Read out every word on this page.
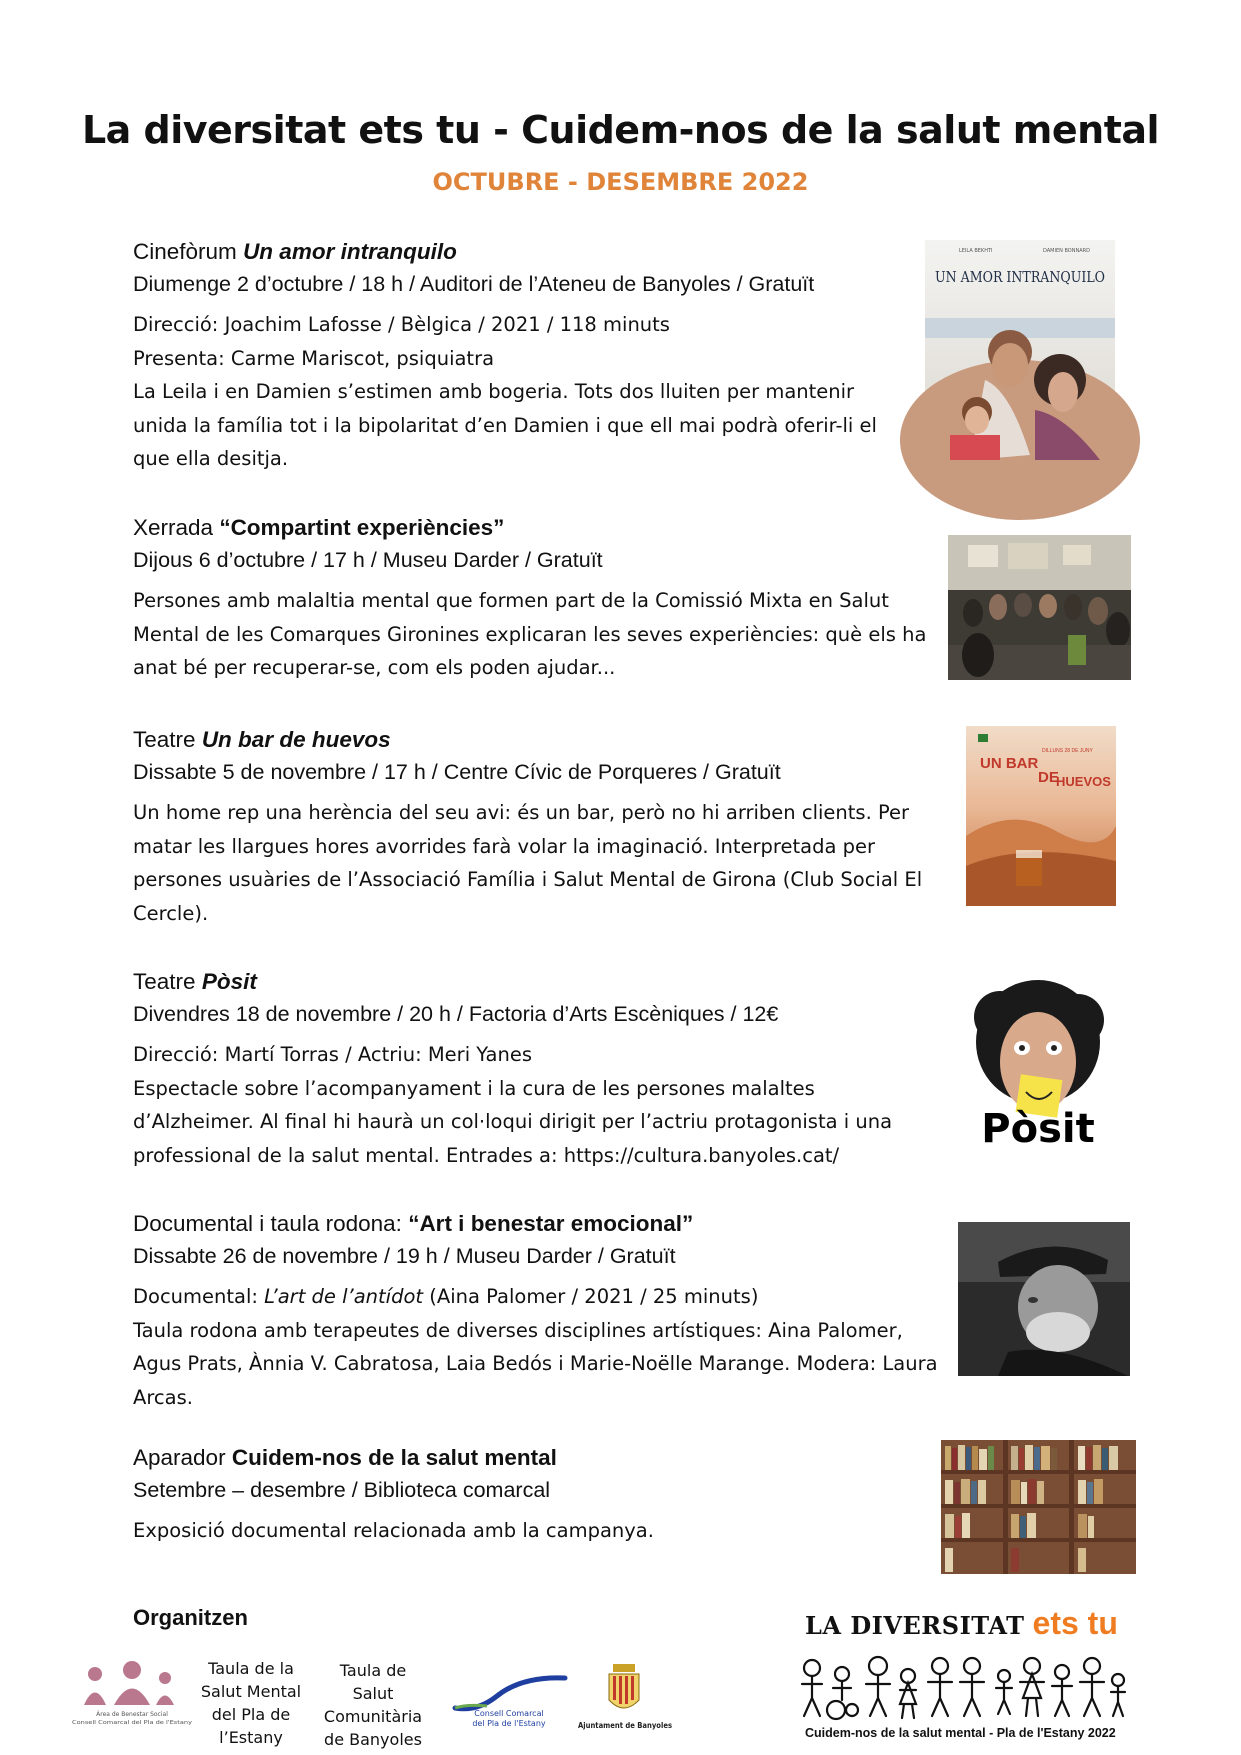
La diversitat ets tu - Cuidem-nos de la salut mental
OCTUBRE - DESEMBRE 2022
Cinefòrum Un amor intranquilo
Diumenge 2 d’octubre / 18 h / Auditori de l’Ateneu de Banyoles / Gratuït

Direcció: Joachim Lafosse / Bèlgica / 2021 / 118 minuts

Presenta: Carme Mariscot, psiquiatra

La Leila i en Damien s’estimen amb bogeria. Tots dos lluiten per mantenir unida la família tot i la bipolaritat d’en Damien i que ell mai podrà oferir-li el que ella desitja.

LEILA BEKHTI	DAMIEN BONNARD
UN AMOR INTRANQUILO
Xerrada “Compartint experiències”
Dijous 6 d’octubre / 17 h / Museu Darder / Gratuït

Persones amb malaltia mental que formen part de la Comissió Mixta en Salut Mental de les Comarques Gironines explicaran les seves experiències: què els ha anat bé per recuperar-se, com els poden ajudar...

Teatre Un bar de huevos
Dissabte 5 de novembre / 17 h / Centre Cívic de Porqueres / Gratuït

Un home rep una herència del seu avi: és un bar, però no hi arriben clients. Per matar les llargues hores avorrides farà volar la imaginació. Interpretada per persones usuàries de l’Associació Família i Salut Mental de Girona (Club Social El Cercle).

UN BAR
DILLUNS 28 DE JUNY
DE
HUEVOS
Teatre Pòsit
Divendres 18 de novembre / 20 h / Factoria d’Arts Escèniques / 12€

Direcció: Martí Torras / Actriu: Meri Yanes

Espectacle sobre l’acompanyament i la cura de les persones malaltes d’Alzheimer. Al final hi haurà un col·loqui dirigit per l’actriu protagonista i una professional de la salut mental. Entrades a: https://cultura.banyoles.cat/

Pòsit
Documental i taula rodona: “Art i benestar emocional”
Dissabte 26 de novembre / 19 h / Museu Darder / Gratuït

Documental: L’art de l’antídot (Aina Palomer / 2021 / 25 minuts)

Taula rodona amb terapeutes de diverses disciplines artístiques: Aina Palomer, Agus Prats, Ànnia V. Cabratosa, Laia Bedós i Marie-Noëlle Marange. Modera: Laura Arcas.

Aparador Cuidem-nos de la salut mental
Setembre – desembre / Biblioteca comarcal

Exposició documental relacionada amb la campanya.

Organitzen
Àrea de Benestar Social
Consell Comarcal del Pla de l'Estany
Taula de la
Salut Mental
del Pla de
l’Estany
Taula de
Salut
Comunitària
de Banyoles
Consell Comarcal
del Pla de l'Estany	Ajuntament de Banyoles
LA DIVERSITAT ets tu
Cuidem-nos de la salut mental - Pla de l'Estany 2022
